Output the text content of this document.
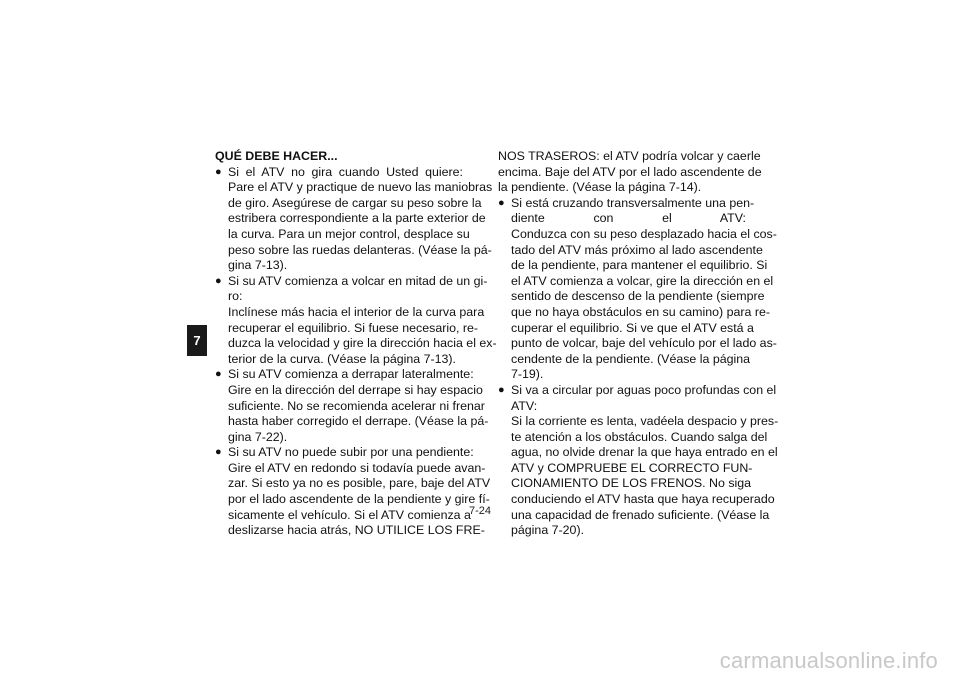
7

QUÉ DEBE HACER...

● Si el ATV no gira cuando Usted quiere:
Pare el ATV y practique de nuevo las maniobras
de giro. Asegúrese de cargar su peso sobre la
estribera correspondiente a la parte exterior de
la curva. Para un mejor control, desplace su
peso sobre las ruedas delanteras. (Véase la pá-
gina 7-13).
● Si su ATV comienza a volcar en mitad de un gi-
ro:
Inclínese más hacia el interior de la curva para
recuperar el equilibrio. Si fuese necesario, re-
duzca la velocidad y gire la dirección hacia el ex-
terior de la curva. (Véase la página 7-13).
● Si su ATV comienza a derrapar lateralmente:
Gire en la dirección del derrape si hay espacio
suficiente. No se recomienda acelerar ni frenar
hasta haber corregido el derrape. (Véase la pá-
gina 7-22).
● Si su ATV no puede subir por una pendiente:
Gire el ATV en redondo si todavía puede avan-
zar. Si esto ya no es posible, pare, baje del ATV
por el lado ascendente de la pendiente y gire fí-
sicamente el vehículo. Si el ATV comienza a
deslizarse hacia atrás, NO UTILICE LOS FRE-
NOS TRASEROS: el ATV podría volcar y caerle
encima. Baje del ATV por el lado ascendente de
la pendiente. (Véase la página 7-14).
● Si está cruzando transversalmente una pen-
diente con el ATV:
Conduzca con su peso desplazado hacia el cos-
tado del ATV más próximo al lado ascendente
de la pendiente, para mantener el equilibrio. Si
el ATV comienza a volcar, gire la dirección en el
sentido de descenso de la pendiente (siempre
que no haya obstáculos en su camino) para re-
cuperar el equilibrio. Si ve que el ATV está a
punto de volcar, baje del vehículo por el lado as-
cendente de la pendiente. (Véase la página
7-19).
● Si va a circular por aguas poco profundas con el
ATV:
Si la corriente es lenta, vadéela despacio y pres-
te atención a los obstáculos. Cuando salga del
agua, no olvide drenar la que haya entrado en el
ATV y COMPRUEBE EL CORRECTO FUN-
CIONAMIENTO DE LOS FRENOS. No siga
conduciendo el ATV hasta que haya recuperado
una capacidad de frenado suficiente. (Véase la
página 7-20).
7-24
carmanualsonline.info
